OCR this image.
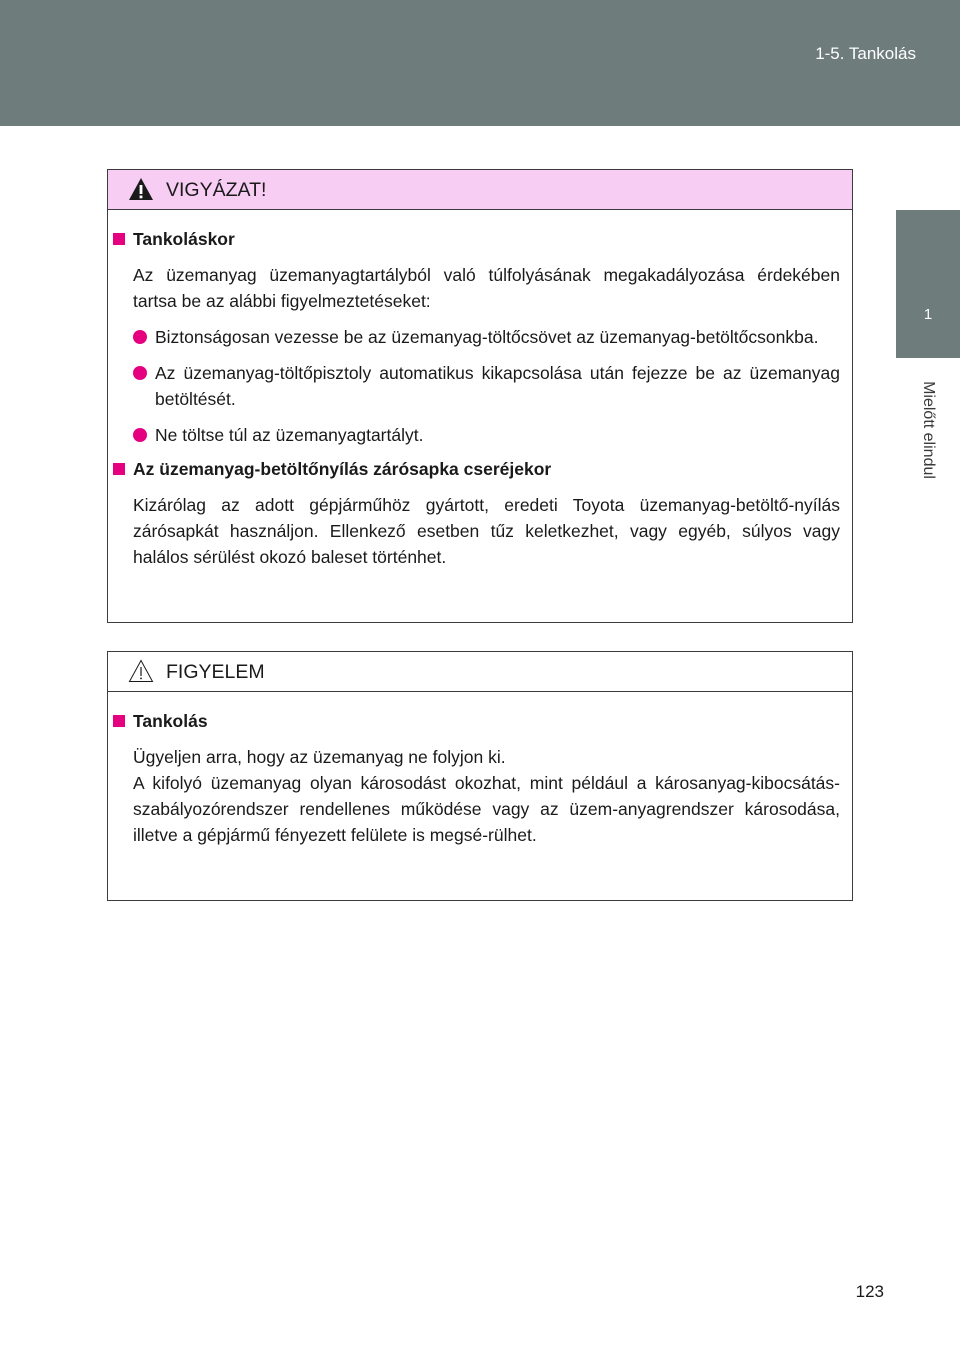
1-5. Tankolás
1
Mielőtt elindul
VIGYÁZAT!
Tankoláskor
Az üzemanyag üzemanyagtartályból való túlfolyásának megakadályozása érdekében tartsa be az alábbi figyelmeztetéseket:
Biztonságosan vezesse be az üzemanyag-töltőcsövet az üzemanyag-betöltőcsonkba.
Az üzemanyag-töltőpisztoly automatikus kikapcsolása után fejezze be az üzemanyag betöltését.
Ne töltse túl az üzemanyagtartályt.
Az üzemanyag-betöltőnyílás zárósapka cseréjekor
Kizárólag az adott gépjárműhöz gyártott, eredeti Toyota üzemanyag-betöltő-nyílás zárósapkát használjon. Ellenkező esetben tűz keletkezhet, vagy egyéb, súlyos vagy halálos sérülést okozó baleset történhet.
FIGYELEM
Tankolás
Ügyeljen arra, hogy az üzemanyag ne folyjon ki.
A kifolyó üzemanyag olyan károsodást okozhat, mint például a károsanyag-kibocsátás-szabályozórendszer rendellenes működése vagy az üzem-anyagrendszer károsodása, illetve a gépjármű fényezett felülete is megsé-rülhet.
123
